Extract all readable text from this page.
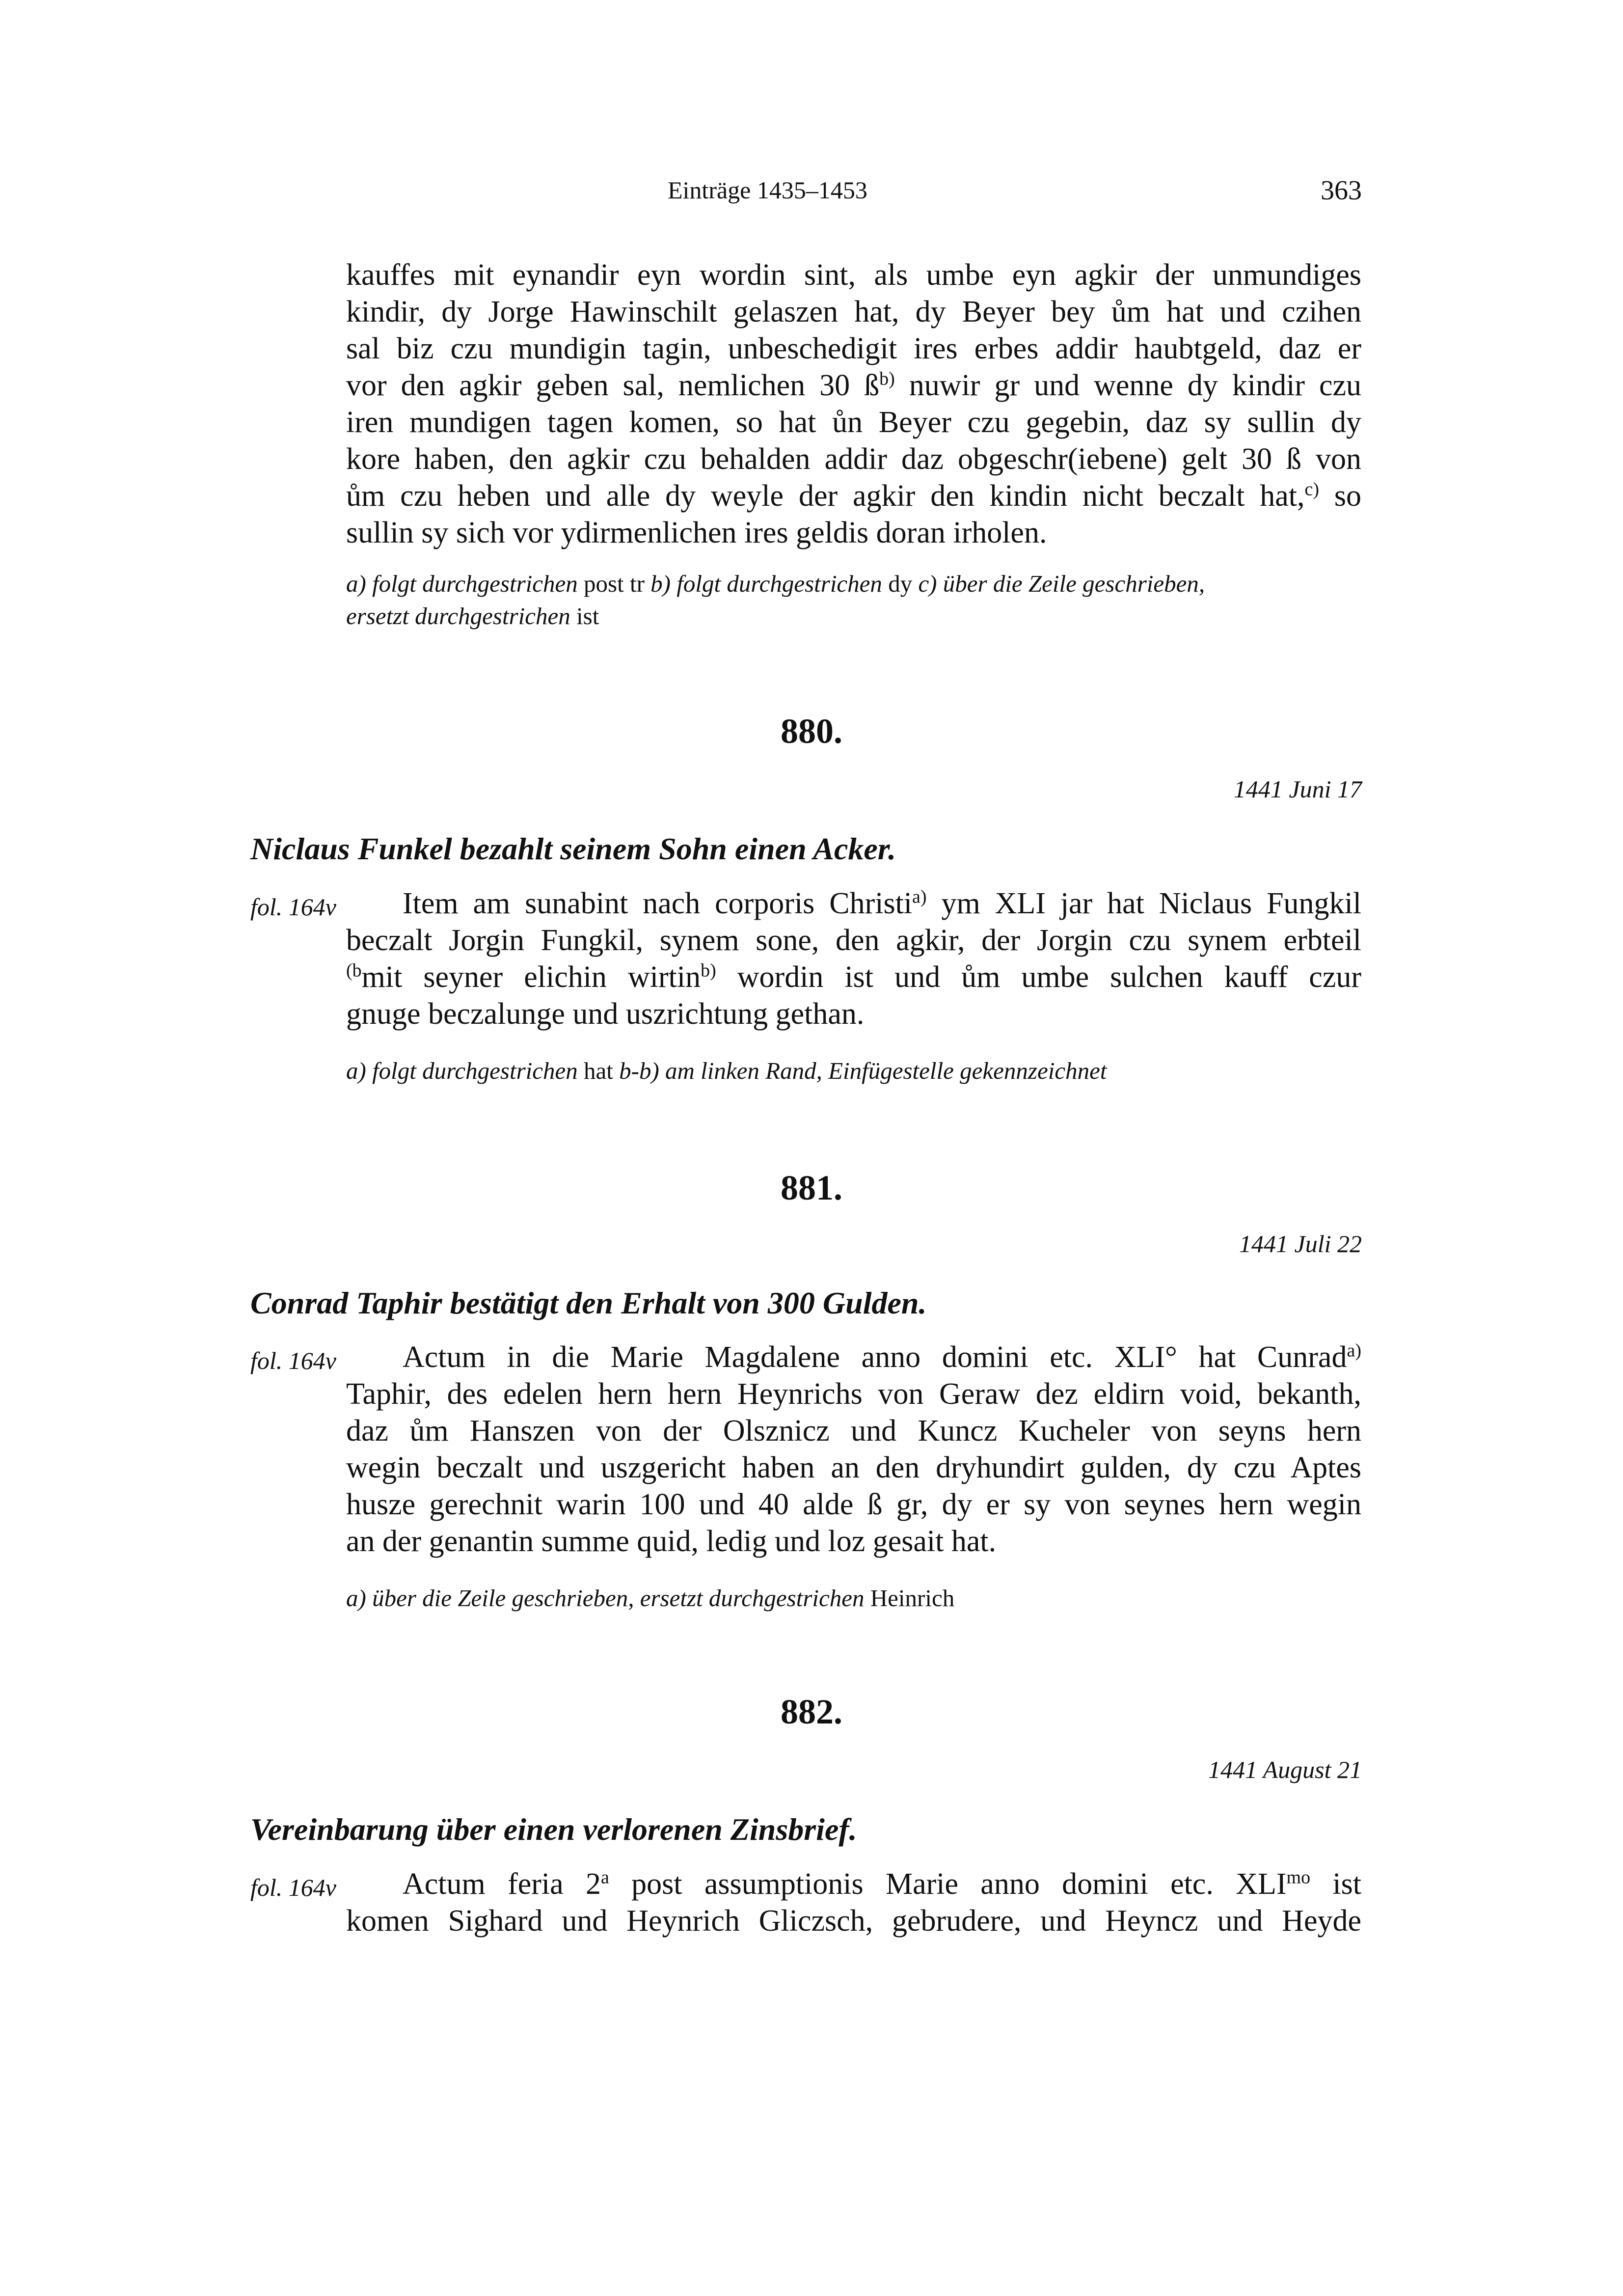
Einträge 1435–1453	363
kauffes mit eynandir eyn wordin sint, als umbe eyn agkir der unmundiges
kindir, dy Jorge Hawinschilt gelaszen hat, dy Beyer bey ům hat und czihen
sal biz czu mundigin tagin, unbeschedigit ires erbes addir haubtgeld, daz er
vor den agkir geben sal, nemlichen 30 $ß^{b)}$ nuwir gr und wenne dy kindir czu
iren mundigen tagen komen, so hat ůn Beyer czu gegebin, daz sy sullin dy
kore haben, den agkir czu behalden addir daz obgeschr(iebene) gelt 30 ß von
ům czu heben und alle dy weyle der agkir den kindin nicht beczalt hat,$^{c)}$ so
sullin sy sich vor ydirmenlichen ires geldis doran irholen.
a) folgt durchgestrichen post tr b) folgt durchgestrichen dy c) über die Zeile geschrieben,
ersetzt durchgestrichen ist
880.
1441 Juni 17
Niclaus Funkel bezahlt seinem Sohn einen Acker.
fol. 164v	Item am sunabint nach corporis Christi$^{a)}$ ym XLI jar hat Niclaus Fungkil
beczalt Jorgin Fungkil, synem sone, den agkir, der Jorgin czu synem erbteil
$^{(b}$mit seyner elichin wirtin$^{b)}$ wordin ist und ům umbe sulchen kauff czur
gnuge beczalunge und uszrichtung gethan.
a) folgt durchgestrichen hat b-b) am linken Rand, Einfügestelle gekennzeichnet
881.
1441 Juli 22
Conrad Taphir bestätigt den Erhalt von 300 Gulden.
fol. 164v	Actum in die Marie Magdalene anno domini etc. XLI° hat Cunrad$^{a)}$
Taphir, des edelen hern hern Heynrichs von Geraw dez eldirn void, bekanth,
daz ům Hanszen von der Olsznicz und Kuncz Kucheler von seyns hern
wegin beczalt und uszgericht haben an den dryhundirt gulden, dy czu Aptes
husze gerechnit warin 100 und 40 alde ß gr, dy er sy von seynes hern wegin
an der genantin summe quid, ledig und loz gesait hat.
a) über die Zeile geschrieben, ersetzt durchgestrichen Heinrich
882.
1441 August 21
Vereinbarung über einen verlorenen Zinsbrief.
fol. 164v	Actum feria 2$^a$ post assumptionis Marie anno domini etc. $XLI^{mo}$ ist
komen Sighard und Heynrich Gliczsch, gebrudere, und Heyncz und Heyde
